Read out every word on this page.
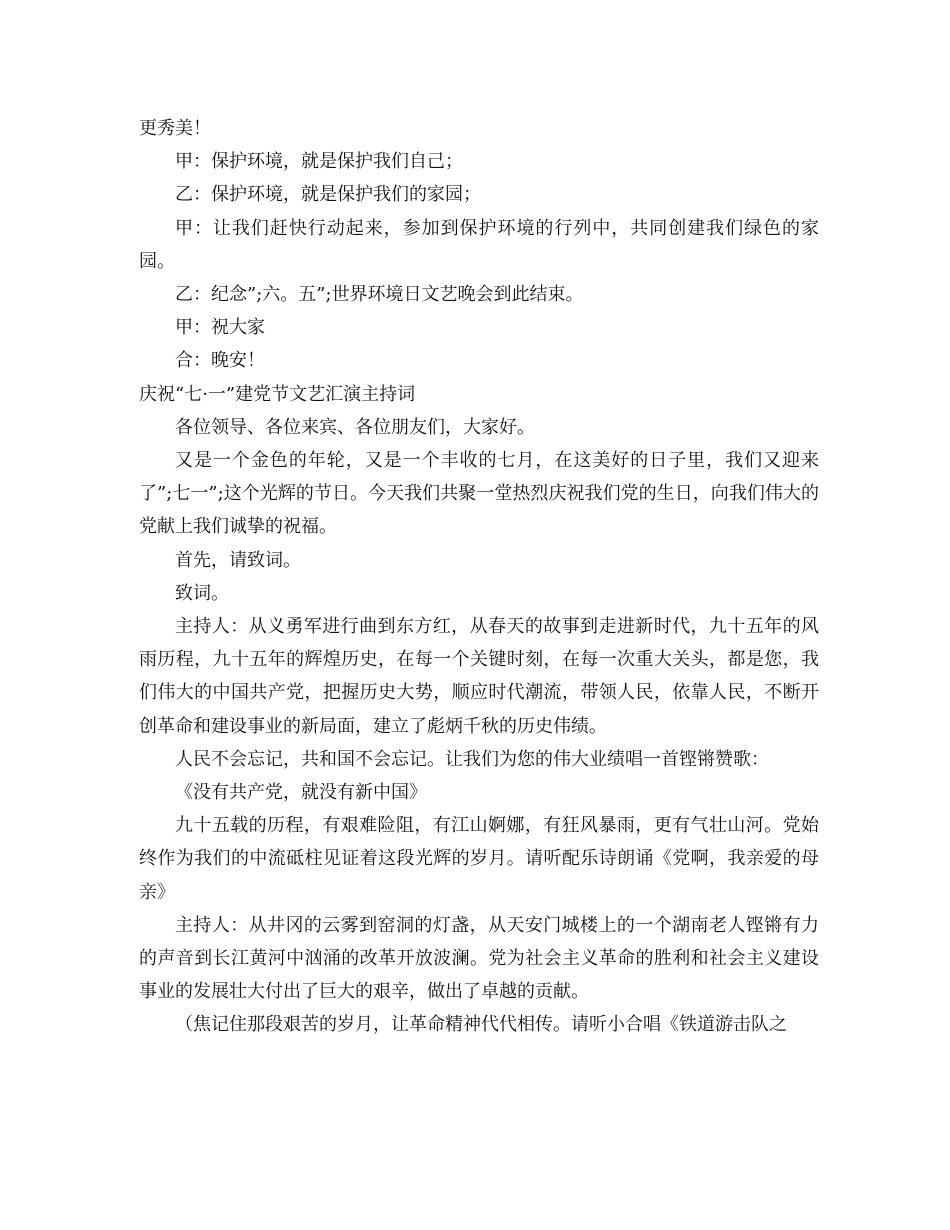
更秀美！

甲：保护环境，就是保护我们自己；

乙：保护环境，就是保护我们的家园；

甲：让我们赶快行动起来，参加到保护环境的行列中，共同创建我们绿色的家园。

乙：纪念”;六。五”;世界环境日文艺晚会到此结束。

甲：祝大家

合：晚安！

庆祝“七·一”建党节文艺汇演主持词

各位领导、各位来宾、各位朋友们，大家好。

又是一个金色的年轮，又是一个丰收的七月，在这美好的日子里，我们又迎来了”;七一”;这个光辉的节日。今天我们共聚一堂热烈庆祝我们党的生日，向我们伟大的党献上我们诚挚的祝福。

首先，请致词。

致词。

主持人：从义勇军进行曲到东方红，从春天的故事到走进新时代，九十五年的风雨历程，九十五年的辉煌历史，在每一个关键时刻，在每一次重大关头，都是您，我们伟大的中国共产党，把握历史大势，顺应时代潮流，带领人民，依靠人民，不断开创革命和建设事业的新局面，建立了彪炳千秋的历史伟绩。

人民不会忘记，共和国不会忘记。让我们为您的伟大业绩唱一首铿锵赞歌：

《没有共产党，就没有新中国》

九十五载的历程，有艰难险阻，有江山婀娜，有狂风暴雨，更有气壮山河。党始终作为我们的中流砥柱见证着这段光辉的岁月。请听配乐诗朗诵《党啊，我亲爱的母亲》

主持人：从井冈的云雾到窑洞的灯盏，从天安门城楼上的一个湖南老人铿锵有力的声音到长江黄河中汹涌的改革开放波澜。党为社会主义革命的胜利和社会主义建设事业的发展壮大付出了巨大的艰辛，做出了卓越的贡献。

（焦记住那段艰苦的岁月，让革命精神代代相传。请听小合唱《铁道游击队之
